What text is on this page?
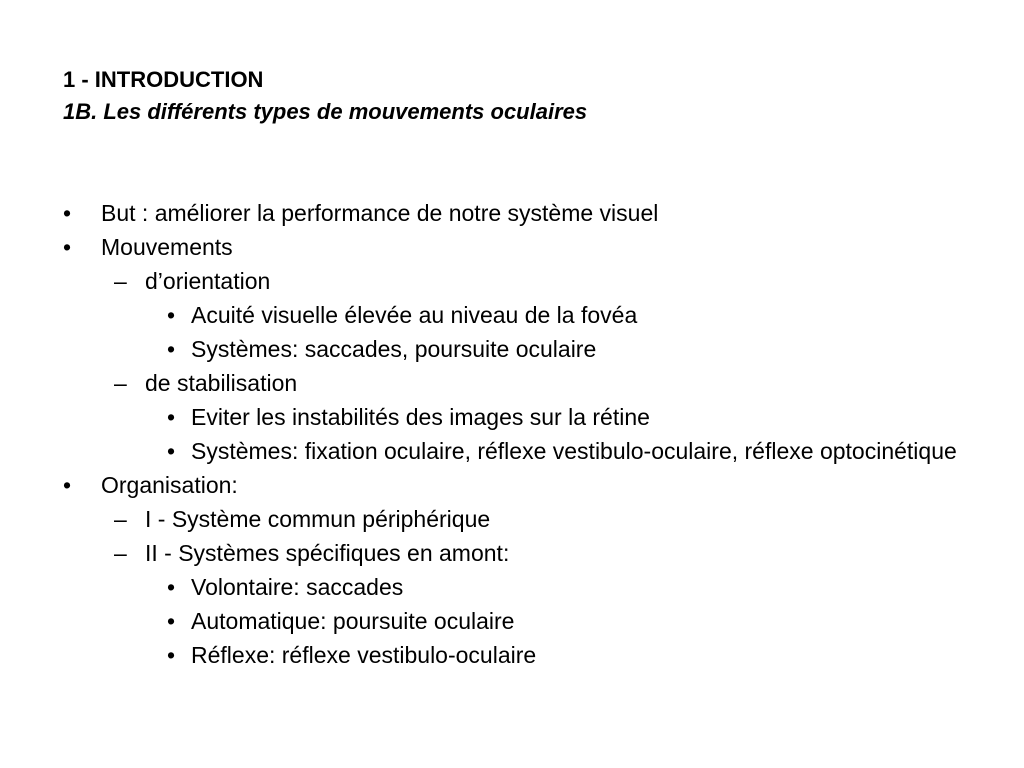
1 - INTRODUCTION
1B. Les différents types de mouvements oculaires
•	But : améliorer la performance de notre système visuel
•	Mouvements
– d’orientation
• Acuité visuelle élevée au niveau de la fovéa
• Systèmes: saccades, poursuite oculaire
– de stabilisation
• Eviter les instabilités des images sur la rétine
• Systèmes: fixation oculaire, réflexe vestibulo-oculaire, réflexe optocinétique
•	Organisation:
– I - Système commun périphérique
– II - Systèmes spécifiques en amont:
• Volontaire: saccades
• Automatique: poursuite oculaire
• Réflexe: réflexe vestibulo-oculaire
